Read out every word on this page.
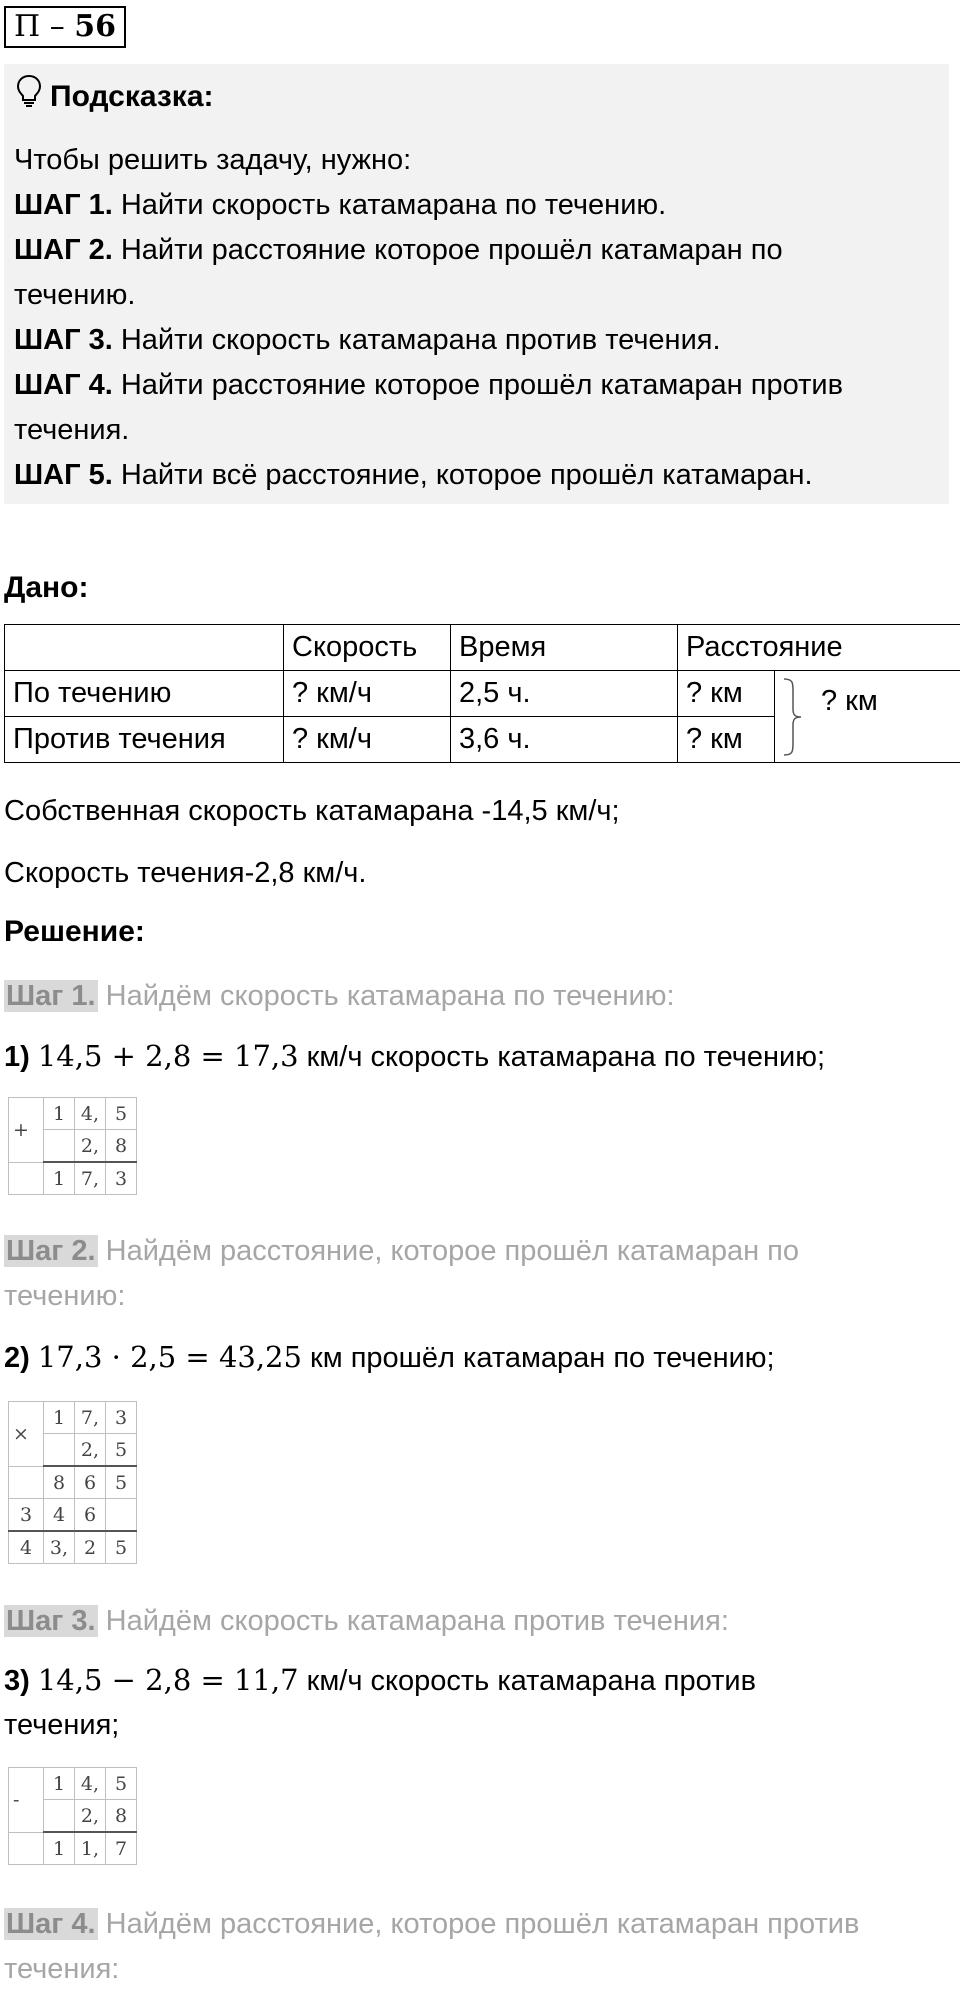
П – 56
Подсказка:
Чтобы решить задачу, нужно:
ШАГ 1. Найти скорость катамарана по течению.
ШАГ 2. Найти расстояние которое прошёл катамаран по
течению.
ШАГ 3. Найти скорость катамарана против течения.
ШАГ 4. Найти расстояние которое прошёл катамаран против
течения.
ШАГ 5. Найти всё расстояние, которое прошёл катамаран.
Дано:
	Скорость	Время	Расстояние	
По течению	? км/ч	2,5 ч.	? км	? км

Против течения	? км/ч	3,6 ч.	? км	
Собственная скорость катамарана -14,5 км/ч;
Скорость течения-2,8 км/ч.
Решение:
Шаг 1. Найдём скорость катамарана по течению:
1) 14,5 + 2,8 = 17,3 км/ч скорость катамарана по течению;
+	1	4,	5
		2,	8
	1	7,	3
Шаг 2. Найдём расстояние, которое прошёл катамаран по
течению:
2) 17,3 · 2,5 = 43,25 км прошёл катамаран по течению;
×	1	7,	3
		2,	5
	8	6	5
3	4	6	
4	3,	2	5
Шаг 3. Найдём скорость катамарана против течения:
3) 14,5 − 2,8 = 11,7 км/ч скорость катамарана против
течения;
-	1	4,	5
		2,	8
	1	1,	7
Шаг 4. Найдём расстояние, которое прошёл катамаран против
течения:
